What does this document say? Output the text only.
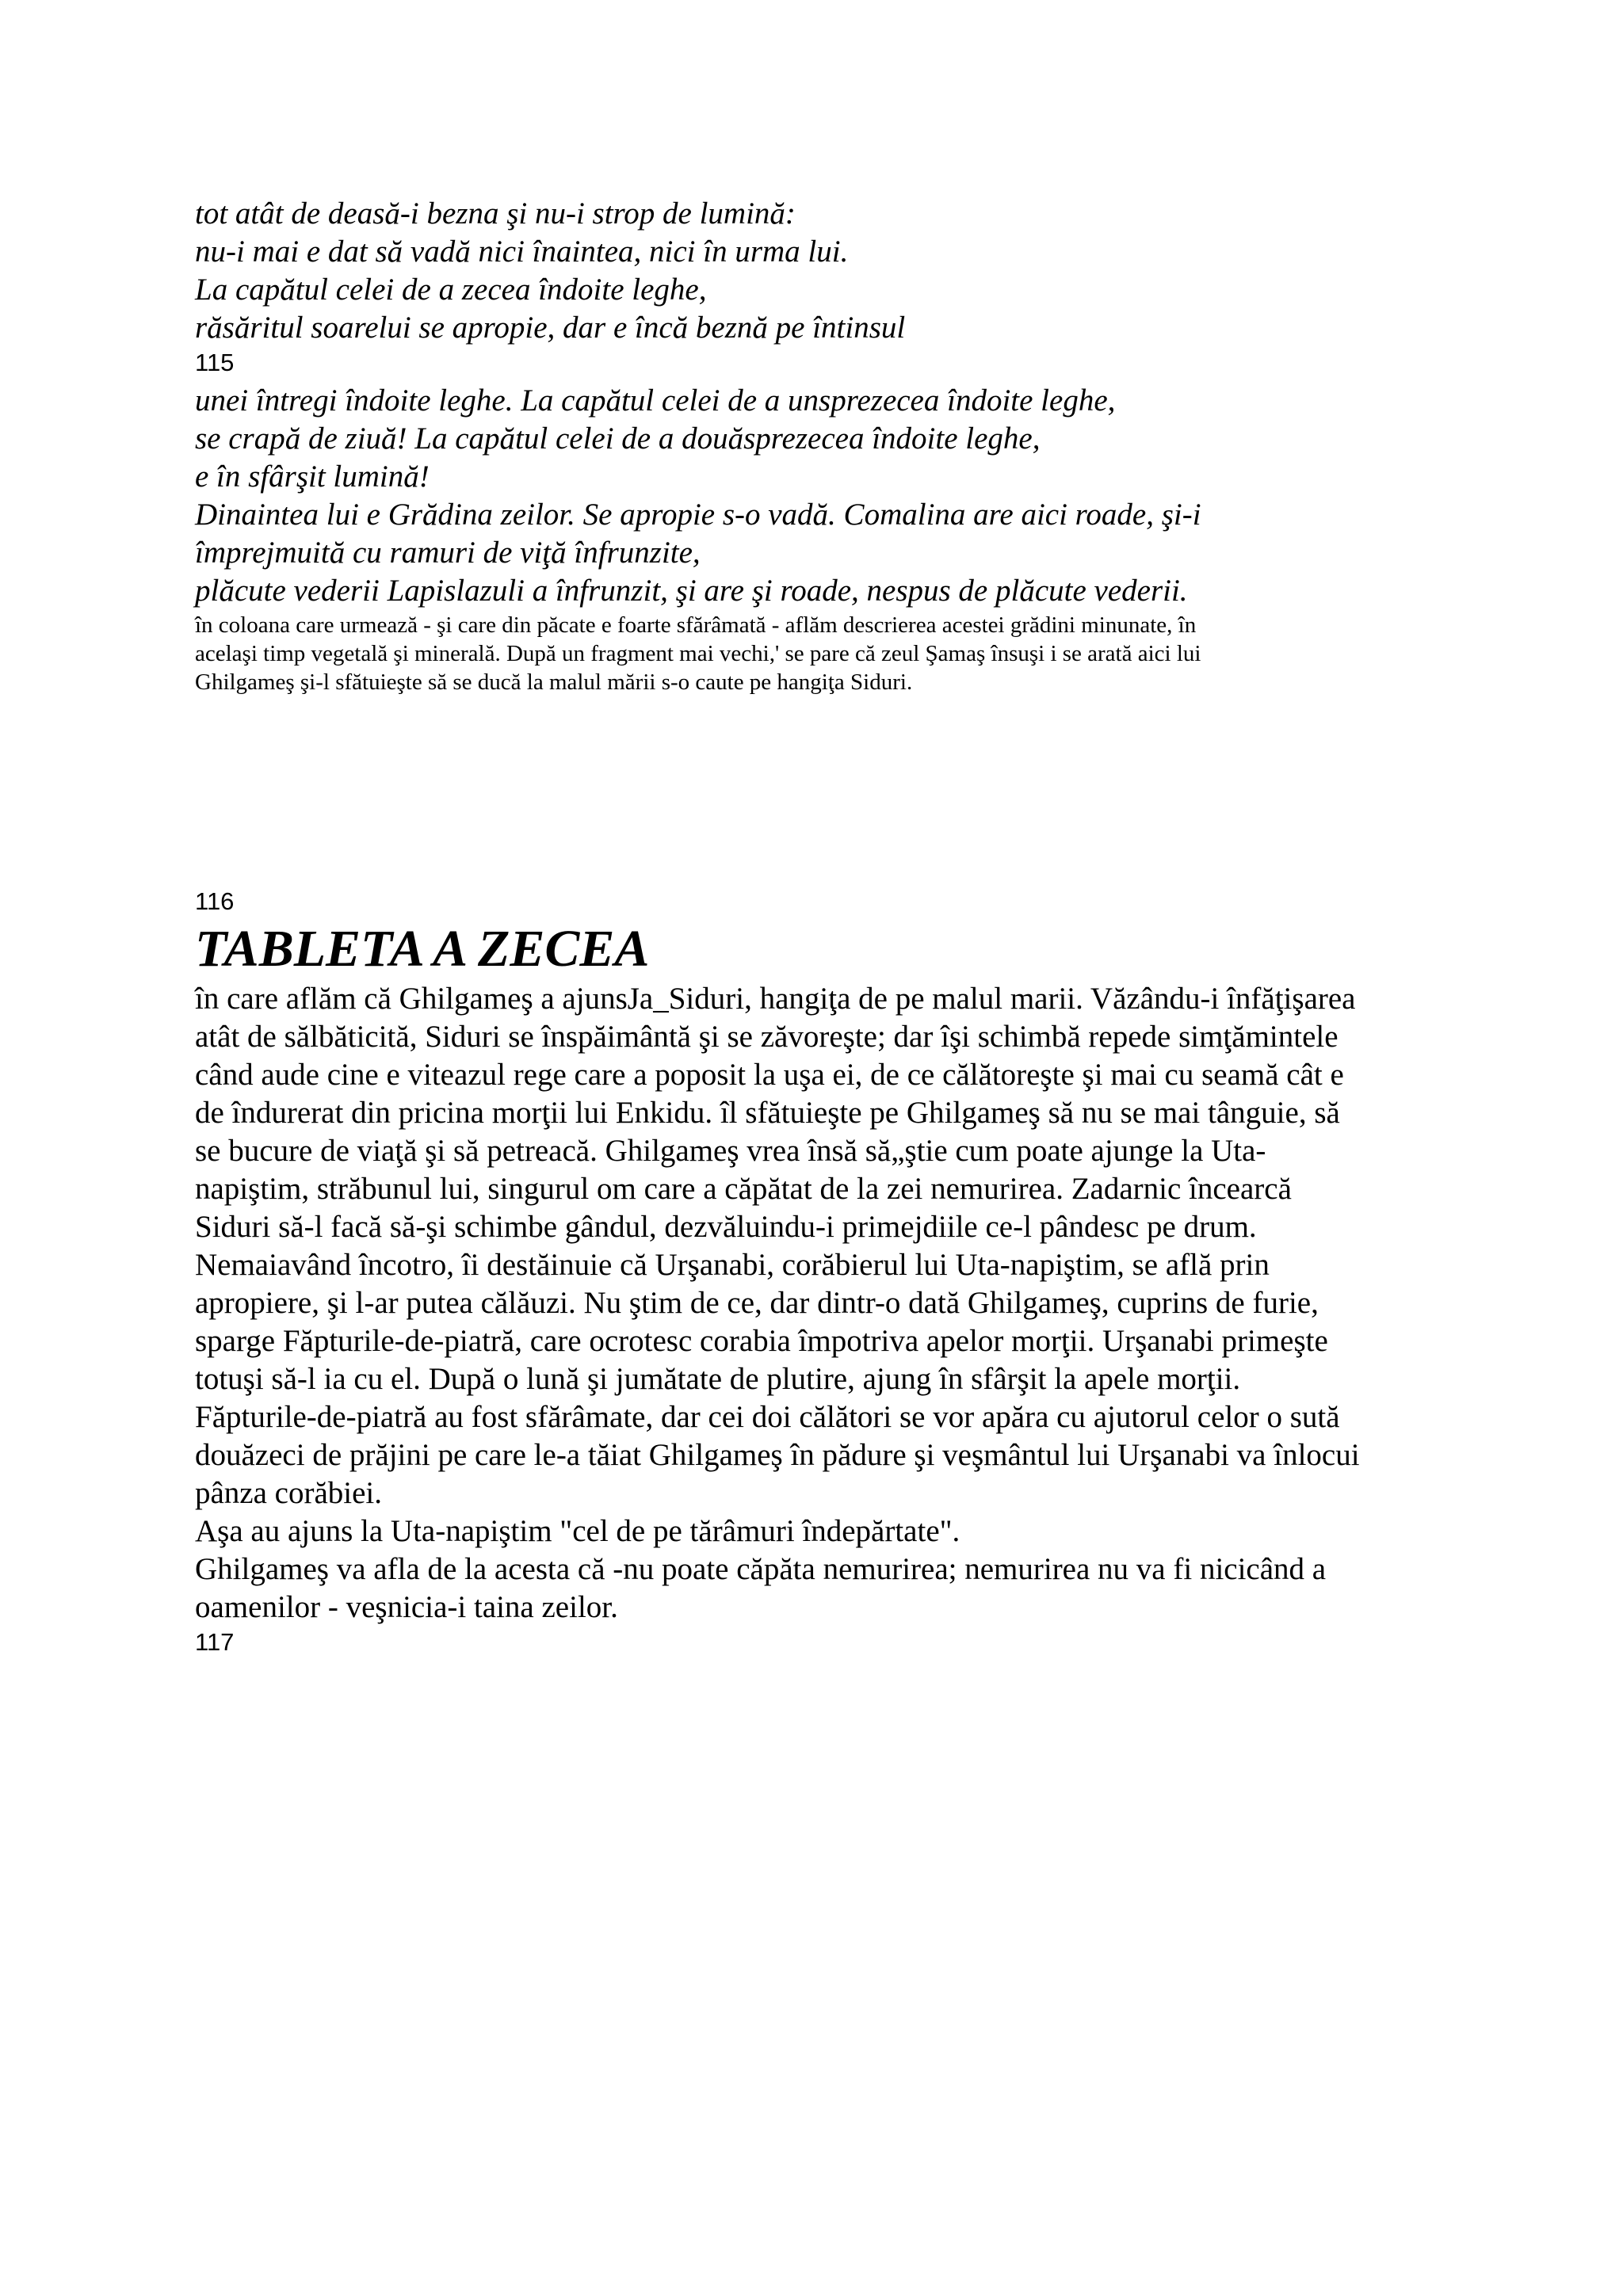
tot atât de deasă-i bezna şi nu-i strop de lumină:

nu-i mai e dat să vadă nici înaintea, nici în urma lui.

La capătul celei de a zecea îndoite leghe,

răsăritul soarelui se apropie, dar e încă beznă pe întinsul

115

unei întregi îndoite leghe. La capătul celei de a unsprezecea îndoite leghe,

se crapă de ziuă! La capătul celei de a douăsprezecea îndoite leghe,

e în sfârşit lumină!

Dinaintea lui e Grădina zeilor. Se apropie s-o vadă. Comalina are aici roade, şi-i

împrejmuită cu ramuri de viţă înfrunzite,

plăcute vederii Lapislazuli a înfrunzit, şi are şi roade, nespus de plăcute vederii.

în coloana care urmează - şi care din păcate e foarte sfărâmată - aflăm descrierea acestei grădini minunate, în

acelaşi timp vegetală şi minerală. După un fragment mai vechi,' se pare că zeul Şamaş însuşi i se arată aici lui

Ghilgameş şi-l sfătuieşte să se ducă la malul mării s-o caute pe hangiţa Siduri.

116

TABLETA A ZECEA

în care aflăm că Ghilgameş a ajunsJa_Siduri, hangiţa de pe malul marii. Văzându-i înfăţişarea

atât de sălbăticită, Siduri se înspăimântă şi se zăvoreşte; dar îşi schimbă repede simţămintele

când aude cine e viteazul rege care a poposit la uşa ei, de ce călătoreşte şi mai cu seamă cât e

de îndurerat din pricina morţii lui Enkidu. îl sfătuieşte pe Ghilgameş să nu se mai tânguie, să

se bucure de viaţă şi să petreacă. Ghilgameş vrea însă să„ştie cum poate ajunge la Uta-

napiştim, străbunul lui, singurul om care a căpătat de la zei nemurirea. Zadarnic încearcă

Siduri să-l facă să-şi schimbe gândul, dezvăluindu-i primejdiile ce-l pândesc pe drum.

Nemaiavând încotro, îi destăinuie că Urşanabi, corăbierul lui Uta-napiştim, se află prin

apropiere, şi l-ar putea călăuzi. Nu ştim de ce, dar dintr-o dată Ghilgameş, cuprins de furie,

sparge Făpturile-de-piatră, care ocrotesc corabia împotriva apelor morţii. Urşanabi primeşte

totuşi să-l ia cu el. După o lună şi jumătate de plutire, ajung în sfârşit la apele morţii.

Făpturile-de-piatră au fost sfărâmate, dar cei doi călători se vor apăra cu ajutorul celor o sută

douăzeci de prăjini pe care le-a tăiat Ghilgameş în pădure şi veşmântul lui Urşanabi va înlocui

pânza corăbiei.

Aşa au ajuns la Uta-napiştim "cel de pe tărâmuri îndepărtate".

Ghilgameş va afla de la acesta că -nu poate căpăta nemurirea; nemurirea nu va fi nicicând a

oamenilor - veşnicia-i taina zeilor.

117
